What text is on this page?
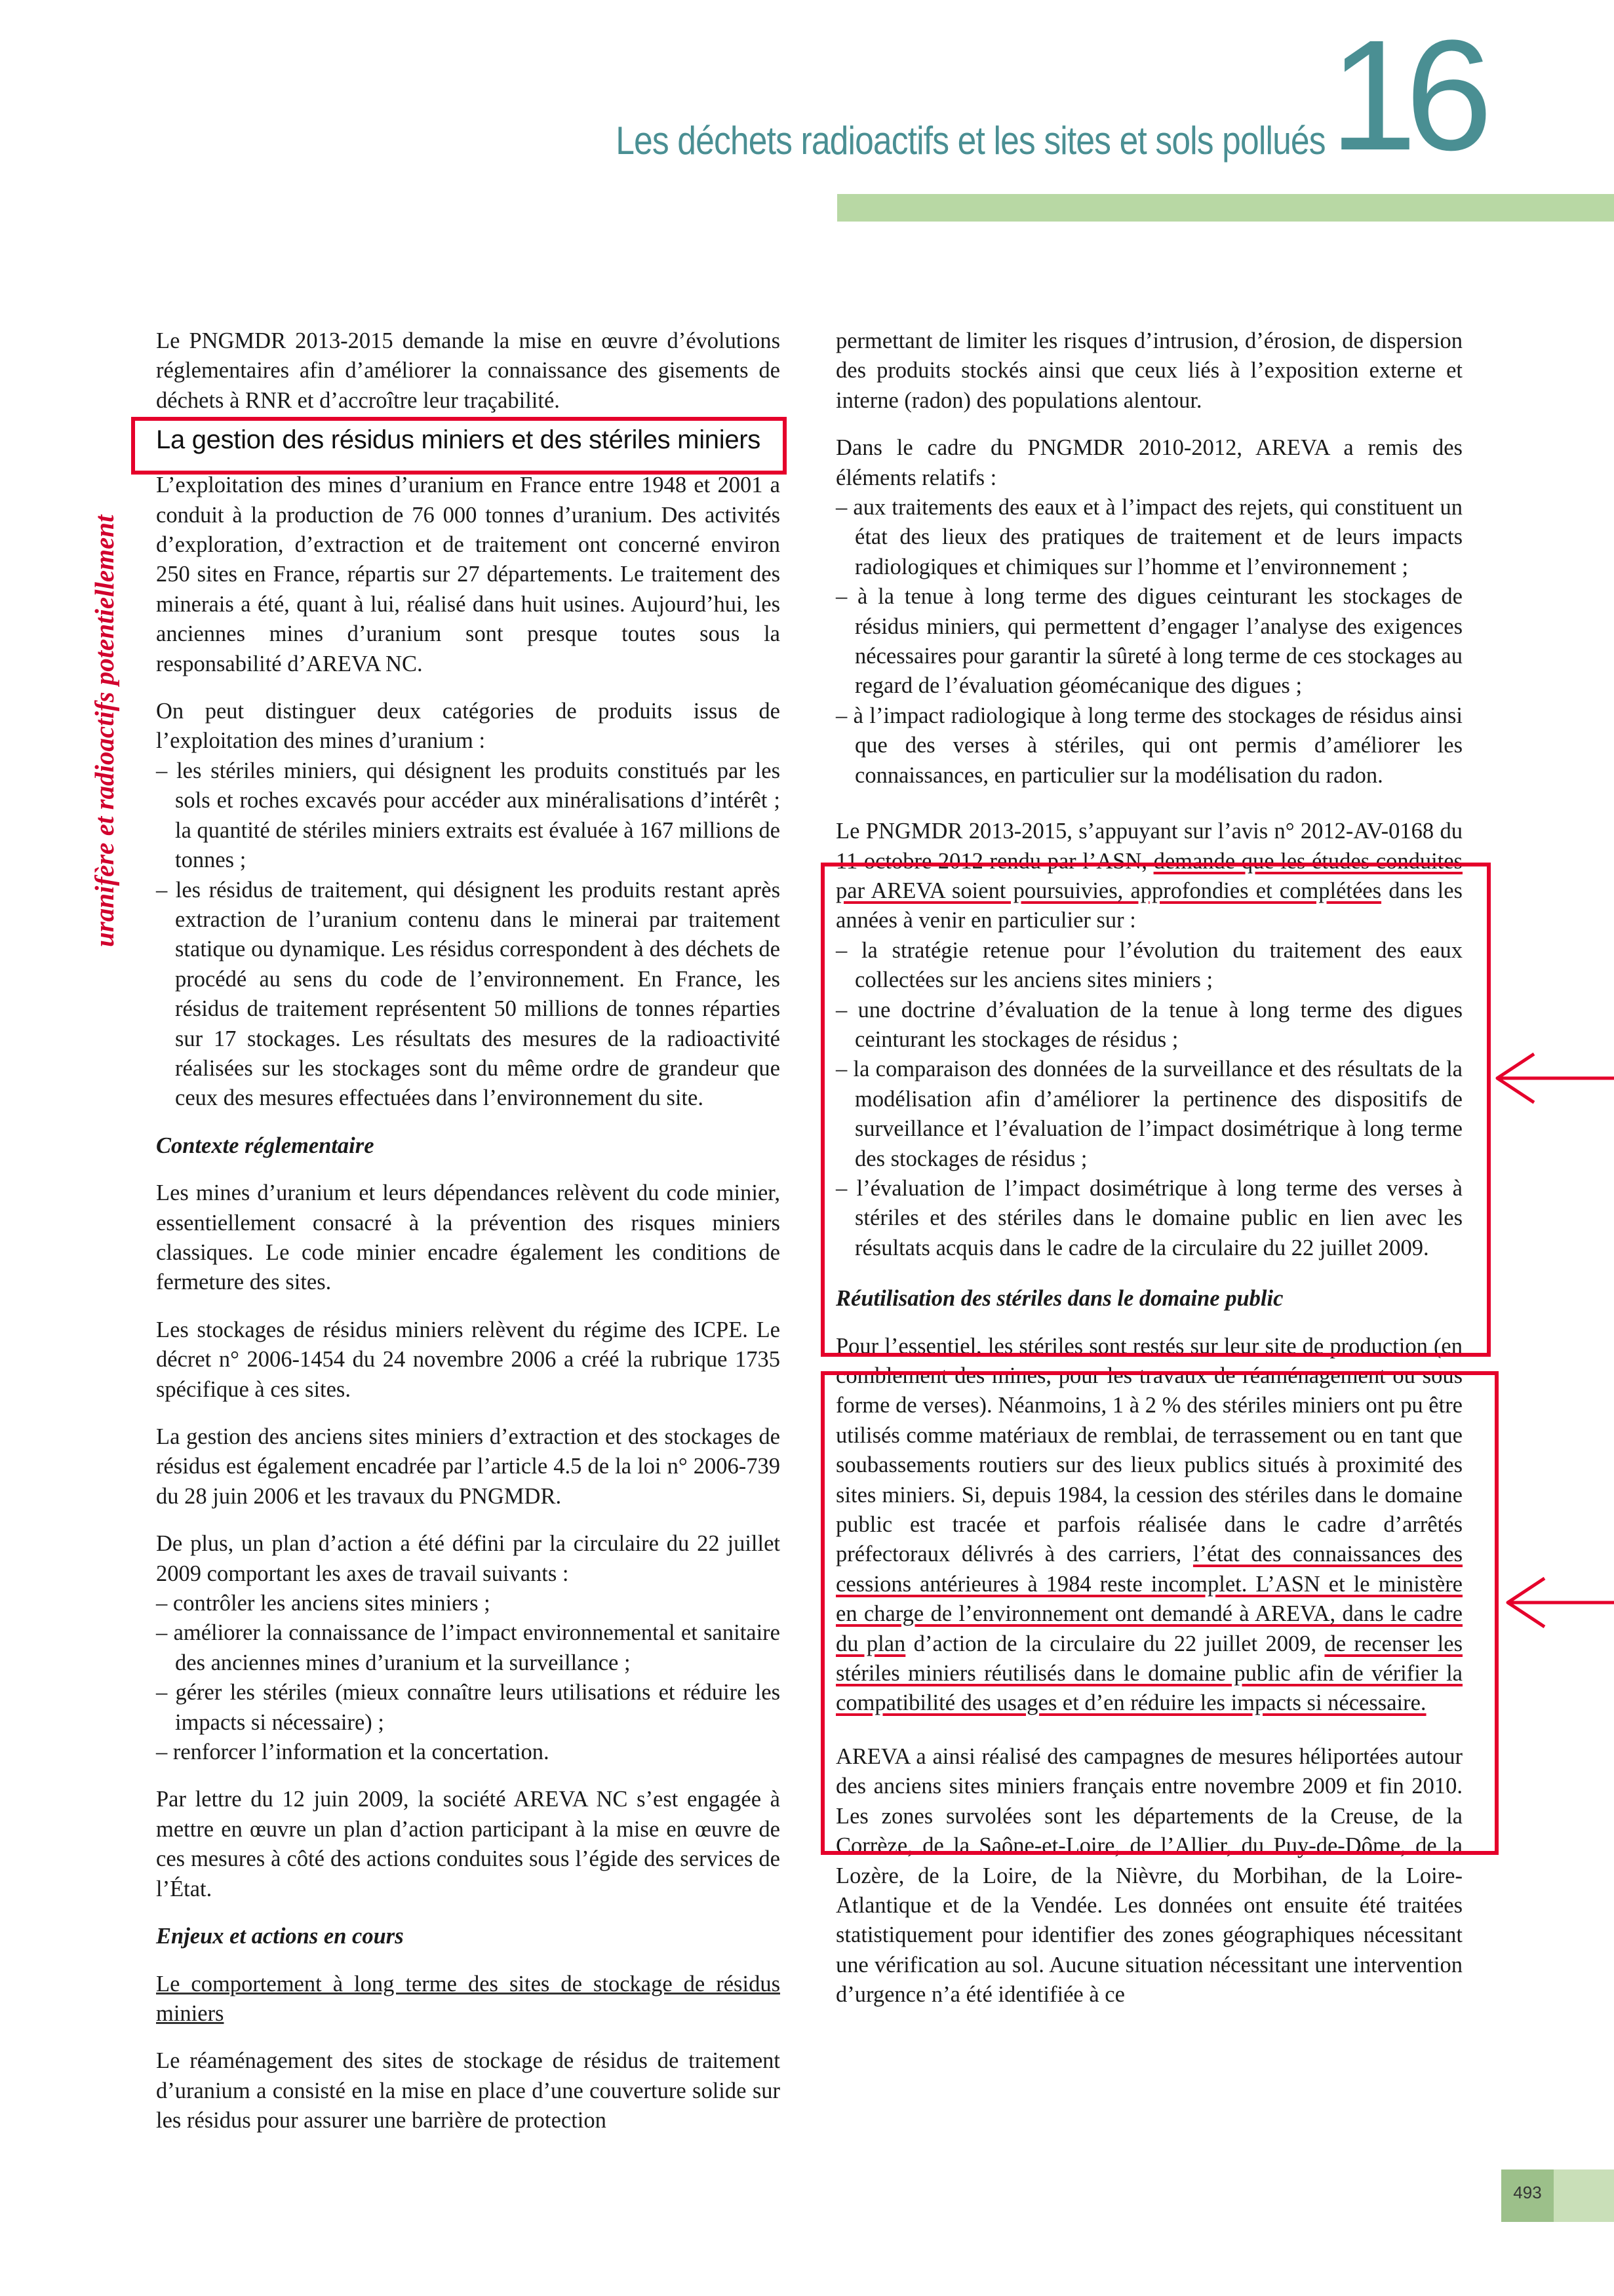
Les déchets radioactifs et les sites et sols pollués 16
uranifère et radioactifs potentiellement

Le PNGMDR 2013-2015 demande la mise en œuvre d’évolutions réglementaires afin d’améliorer la connaissance des gisements de déchets à RNR et d’accroître leur traçabilité.

La gestion des résidus miniers et des stériles miniers

L’exploitation des mines d’uranium en France entre 1948 et 2001 a conduit à la production de 76 000 tonnes d’uranium. Des activités d’exploration, d’extraction et de traitement ont concerné environ 250 sites en France, répartis sur 27 départements. Le traitement des minerais a été, quant à lui, réalisé dans huit usines. Aujourd’hui, les anciennes mines d’uranium sont presque toutes sous la responsabilité d’AREVA NC.

On peut distinguer deux catégories de produits issus de l’exploitation des mines d’uranium :

– les stériles miniers, qui désignent les produits constitués par les sols et roches excavés pour accéder aux minéralisations d’intérêt ; la quantité de stériles miniers extraits est évaluée à 167 millions de tonnes ;

– les résidus de traitement, qui désignent les produits restant après extraction de l’uranium contenu dans le minerai par traitement statique ou dynamique. Les résidus correspondent à des déchets de procédé au sens du code de l’environnement. En France, les résidus de traitement représentent 50 millions de tonnes réparties sur 17 stockages. Les résultats des mesures de la radioactivité réalisées sur les stockages sont du même ordre de grandeur que ceux des mesures effectuées dans l’environnement du site.

Contexte réglementaire

Les mines d’uranium et leurs dépendances relèvent du code minier, essentiellement consacré à la prévention des risques miniers classiques. Le code minier encadre également les conditions de fermeture des sites.

Les stockages de résidus miniers relèvent du régime des ICPE. Le décret n° 2006-1454 du 24 novembre 2006 a créé la rubrique 1735 spécifique à ces sites.

La gestion des anciens sites miniers d’extraction et des stockages de résidus est également encadrée par l’article 4.5 de la loi n° 2006-739 du 28 juin 2006 et les travaux du PNGMDR.

De plus, un plan d’action a été défini par la circulaire du 22 juillet 2009 comportant les axes de travail suivants :

– contrôler les anciens sites miniers ;

– améliorer la connaissance de l’impact environnemental et sanitaire des anciennes mines d’uranium et la surveillance ;

– gérer les stériles (mieux connaître leurs utilisations et réduire les impacts si nécessaire) ;

– renforcer l’information et la concertation.

Par lettre du 12 juin 2009, la société AREVA NC s’est engagée à mettre en œuvre un plan d’action participant à la mise en œuvre de ces mesures à côté des actions conduites sous l’égide des services de l’État.

Enjeux et actions en cours

Le comportement à long terme des sites de stockage de résidus miniers

Le réaménagement des sites de stockage de résidus de traitement d’uranium a consisté en la mise en place d’une couverture solide sur les résidus pour assurer une barrière de protection

permettant de limiter les risques d’intrusion, d’érosion, de dispersion des produits stockés ainsi que ceux liés à l’exposition externe et interne (radon) des populations alentour.

Dans le cadre du PNGMDR 2010-2012, AREVA a remis des éléments relatifs :

– aux traitements des eaux et à l’impact des rejets, qui constituent un état des lieux des pratiques de traitement et de leurs impacts radiologiques et chimiques sur l’homme et l’environnement ;

– à la tenue à long terme des digues ceinturant les stockages de résidus miniers, qui permettent d’engager l’analyse des exigences nécessaires pour garantir la sûreté à long terme de ces stockages au regard de l’évaluation géomécanique des digues ;

– à l’impact radiologique à long terme des stockages de résidus ainsi que des verses à stériles, qui ont permis d’améliorer les connaissances, en particulier sur la modélisation du radon.

Le PNGMDR 2013-2015, s’appuyant sur l’avis n° 2012-AV-0168 du 11 octobre 2012 rendu par l’ASN, demande que les études conduites par AREVA soient poursuivies, approfondies et complétées dans les années à venir en particulier sur :

– la stratégie retenue pour l’évolution du traitement des eaux collectées sur les anciens sites miniers ;

– une doctrine d’évaluation de la tenue à long terme des digues ceinturant les stockages de résidus ;

– la comparaison des données de la surveillance et des résultats de la modélisation afin d’améliorer la pertinence des dispositifs de surveillance et l’évaluation de l’impact dosimétrique à long terme des stockages de résidus ;

– l’évaluation de l’impact dosimétrique à long terme des verses à stériles et des stériles dans le domaine public en lien avec les résultats acquis dans le cadre de la circulaire du 22 juillet 2009.

Réutilisation des stériles dans le domaine public

Pour l’essentiel, les stériles sont restés sur leur site de production (en comblement des mines, pour les travaux de réaménagement ou sous forme de verses). Néanmoins, 1 à 2 % des stériles miniers ont pu être utilisés comme matériaux de remblai, de terrassement ou en tant que soubassements routiers sur des lieux publics situés à proximité des sites miniers. Si, depuis 1984, la cession des stériles dans le domaine public est tracée et parfois réalisée dans le cadre d’arrêtés préfectoraux délivrés à des carriers, l’état des connaissances des cessions antérieures à 1984 reste incomplet. L’ASN et le ministère en charge de l’environnement ont demandé à AREVA, dans le cadre du plan d’action de la circulaire du 22 juillet 2009, de recenser les stériles miniers réutilisés dans le domaine public afin de vérifier la compatibilité des usages et d’en réduire les impacts si nécessaire.

AREVA a ainsi réalisé des campagnes de mesures héliportées autour des anciens sites miniers français entre novembre 2009 et fin 2010. Les zones survolées sont les départements de la Creuse, de la Corrèze, de la Saône-et-Loire, de l’Allier, du Puy-de-Dôme, de la Lozère, de la Loire, de la Nièvre, du Morbihan, de la Loire-Atlantique et de la Vendée. Les données ont ensuite été traitées statistiquement pour identifier des zones géographiques nécessitant une vérification au sol. Aucune situation nécessitant une intervention d’urgence n’a été identifiée à ce

493
